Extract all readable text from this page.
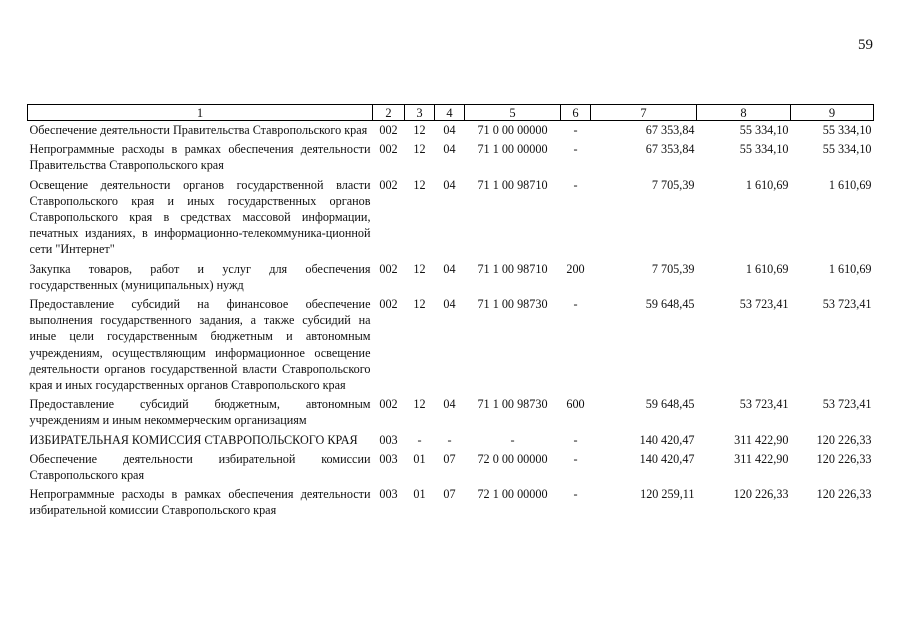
59
1	2	3	4	5	6	7	8	9
Обеспечение деятельности Правительства Ставропольского края	002	12	04	71 0 00 00000	-	67 353,84	55 334,10	55 334,10
Непрограммные расходы в рамках обеспечения деятельности Правительства Ставропольского края	002	12	04	71 1 00 00000	-	67 353,84	55 334,10	55 334,10
Освещение деятельности органов государственной власти Ставропольского края и иных государственных органов Ставропольского края в средствах массовой информации, печатных изданиях, в информационно-телекоммуника-ционной сети "Интернет"	002	12	04	71 1 00 98710	-	7 705,39	1 610,69	1 610,69
Закупка товаров, работ и услуг для обеспечения государственных (муниципальных) нужд	002	12	04	71 1 00 98710	200	7 705,39	1 610,69	1 610,69
Предоставление субсидий на финансовое обеспечение выполнения государственного задания, а также субсидий на иные цели государственным бюджетным и автономным учреждениям, осуществляющим информационное освещение деятельности органов государственной власти Ставропольского края и иных государственных органов Ставропольского края	002	12	04	71 1 00 98730	-	59 648,45	53 723,41	53 723,41
Предоставление субсидий бюджетным, автономным учреждениям и иным некоммерческим организациям	002	12	04	71 1 00 98730	600	59 648,45	53 723,41	53 723,41
ИЗБИРАТЕЛЬНАЯ КОМИССИЯ СТАВРОПОЛЬСКОГО КРАЯ	003	-	-	-	-	140 420,47	311 422,90	120 226,33
Обеспечение деятельности избирательной комиссии Ставропольского края	003	01	07	72 0 00 00000	-	140 420,47	311 422,90	120 226,33
Непрограммные расходы в рамках обеспечения деятельности избирательной комиссии Ставропольского края	003	01	07	72 1 00 00000	-	120 259,11	120 226,33	120 226,33
